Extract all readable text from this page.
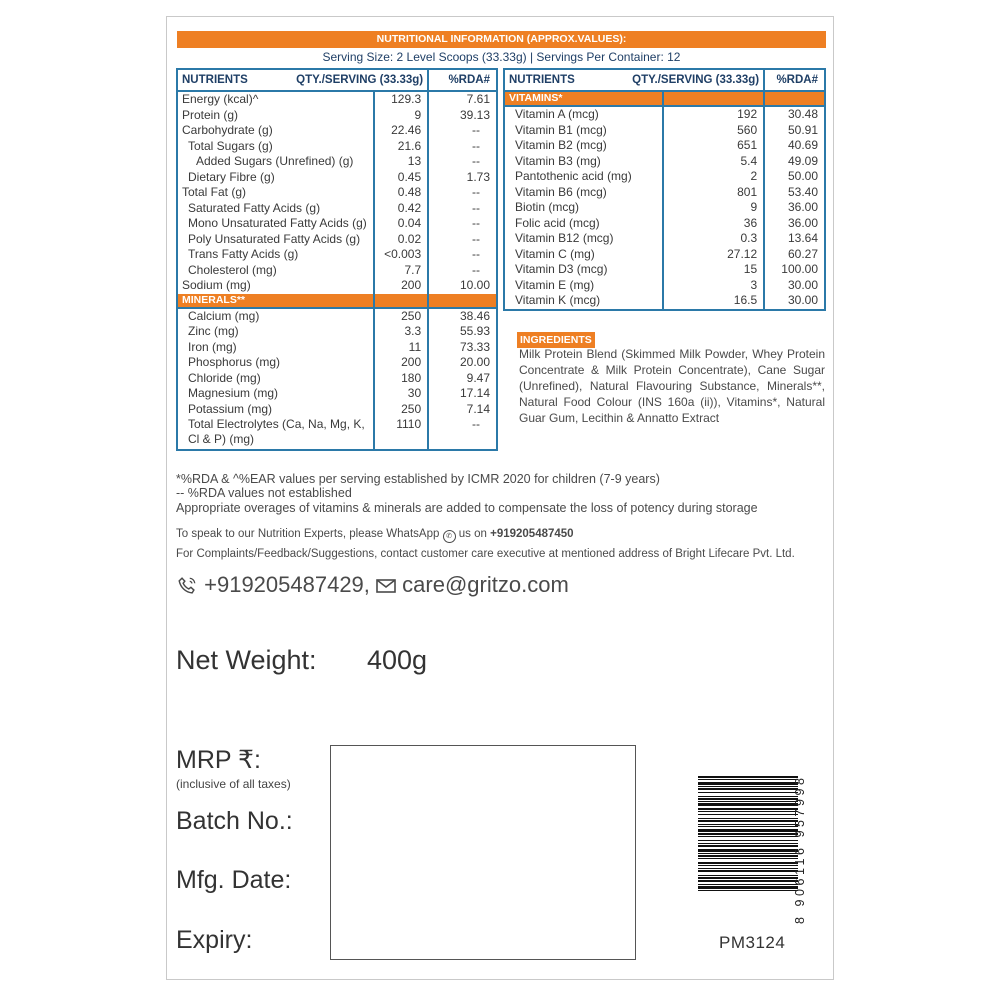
NUTRITIONAL INFORMATION (APPROX.VALUES):
Serving Size: 2 Level Scoops (33.33g) | Servings Per Container: 12
NUTRIENTS QTY./SERVING (33.33g)		%RDA#
Energy (kcal)^	129.3	7.61
Protein (g)	9	39.13
Carbohydrate (g)	22.46	--
Total Sugars (g)	21.6	--
Added Sugars (Unrefined) (g)	13	--
Dietary Fibre (g)	0.45	1.73
Total Fat (g)	0.48	--
Saturated Fatty Acids (g)	0.42	--
Mono Unsaturated Fatty Acids (g)	0.04	--
Poly Unsaturated Fatty Acids (g)	0.02	--
Trans Fatty Acids (g)	<0.003	--
Cholesterol (mg)	7.7	--
Sodium (mg)	200	10.00
MINERALS**		
Calcium (mg)	250	38.46
Zinc (mg)	3.3	55.93
Iron (mg)	11	73.33
Phosphorus (mg)	200	20.00
Chloride (mg)	180	9.47
Magnesium (mg)	30	17.14
Potassium (mg)	250	7.14
Total Electrolytes (Ca, Na, Mg, K, Cl & P) (mg)	1110	--
NUTRIENTS QTY./SERVING (33.33g)		%RDA#
VITAMINS*		
Vitamin A (mcg)	192	30.48
Vitamin B1 (mcg)	560	50.91
Vitamin B2 (mcg)	651	40.69
Vitamin B3 (mg)	5.4	49.09
Pantothenic acid (mg)	2	50.00
Vitamin B6 (mcg)	801	53.40
Biotin (mcg)	9	36.00
Folic acid (mcg)	36	36.00
Vitamin B12 (mcg)	0.3	13.64
Vitamin C (mg)	27.12	60.27
Vitamin D3 (mcg)	15	100.00
Vitamin E (mg)	3	30.00
Vitamin K (mcg)	16.5	30.00
INGREDIENTS
Milk Protein Blend (Skimmed Milk Powder, Whey Protein Concentrate & Milk Protein Concentrate), Cane Sugar (Unrefined), Natural Flavouring Substance, Minerals**, Natural Food Colour (INS 160a (ii)), Vitamins*, Natural Guar Gum, Lecithin & Annatto Extract
*%RDA & ^%EAR values per serving established by ICMR 2020 for children (7-9 years)
-- %RDA values not established
Appropriate overages of vitamins & minerals are added to compensate the loss of potency during storage
To speak to our Nutrition Experts, please WhatsApp ✆ us on +919205487450
For Complaints/Feedback/Suggestions, contact customer care executive at mentioned address of Bright Lifecare Pvt. Ltd.
+919205487429, care@gritzo.com
Net Weight: 400g
MRP ₹:
(inclusive of all taxes)
Batch No.:
Mfg. Date:
Expiry:
8 906116 957998
PM3124
